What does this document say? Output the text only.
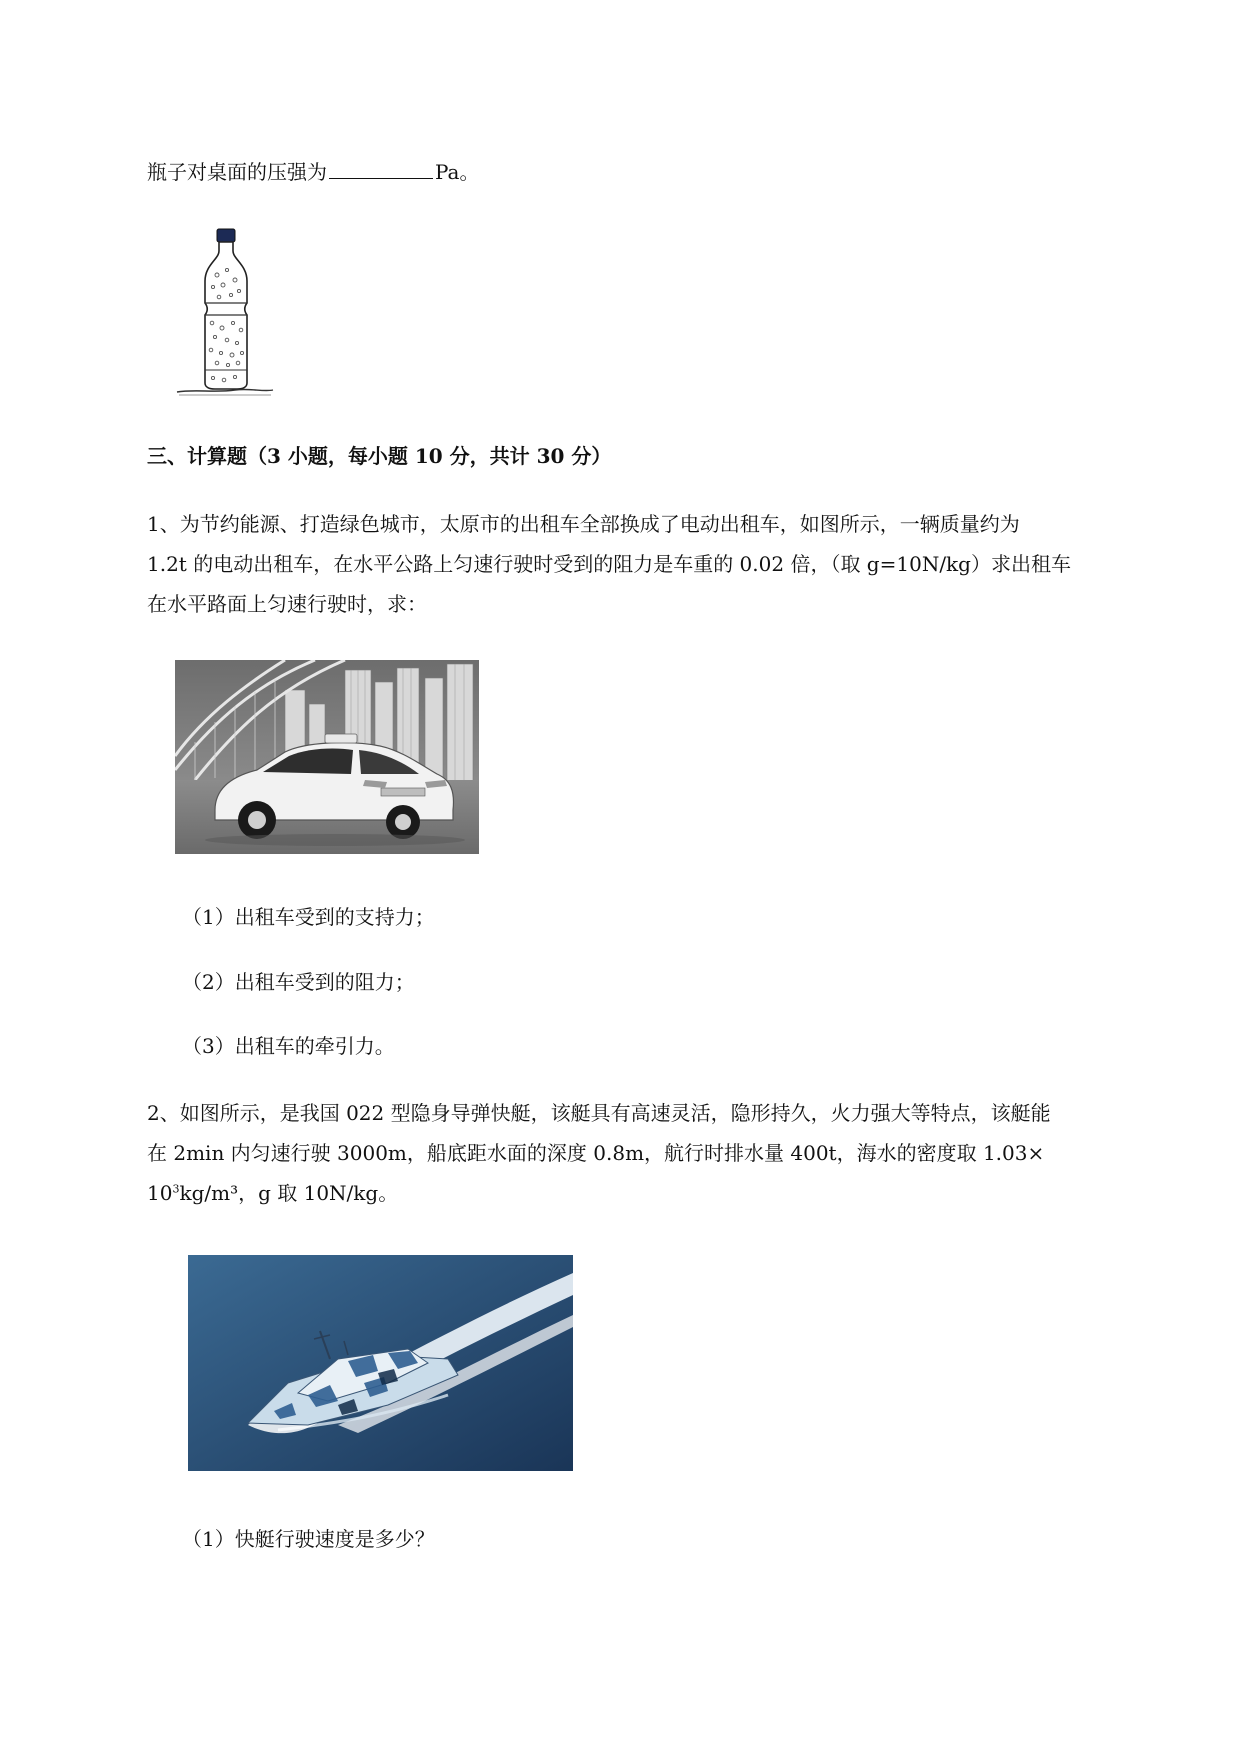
瓶子对桌面的压强为	Pa。
三、计算题（3 小题，每小题 10 分，共计 30 分）
1、为节约能源、打造绿色城市，太原市的出租车全部换成了电动出租车，如图所示，一辆质量约为
1.2t 的电动出租车，在水平公路上匀速行驶时受到的阻力是车重的 0.02 倍，（取 g=10N/kg）求出租车
在水平路面上匀速行驶时，求：
（1）出租车受到的支持力；
（2）出租车受到的阻力；
（3）出租车的牵引力。
2、如图所示，是我国 022 型隐身导弹快艇，该艇具有高速灵活，隐形持久，火力强大等特点，该艇能
在 2min 内匀速行驶 3000m，船底距水面的深度 0.8m，航行时排水量 400t，海水的密度取 1.03×
$10^3kg/m^3$，g 取 10N/kg。
（1）快艇行驶速度是多少？
